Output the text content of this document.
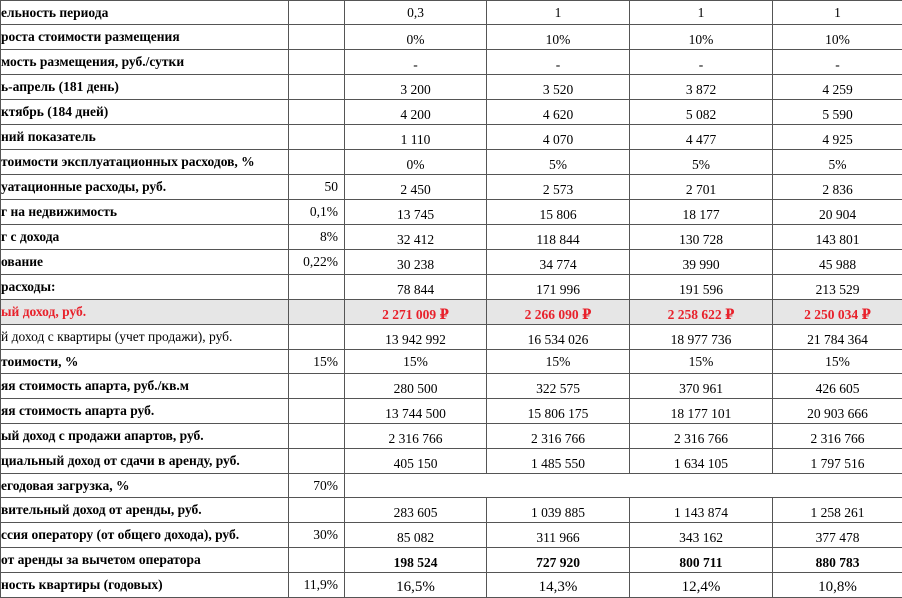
ельность периода		0,3	1	1	1
роста стоимости размещения		0%	10%	10%	10%
мость размещения, руб./сутки		-	-	-	-
ь-апрель (181 день)		3 200	3 520	3 872	4 259
ктябрь (184 дней)		4 200	4 620	5 082	5 590
ний показатель		1 110	4 070	4 477	4 925
тоимости эксплуатационных расходов, %		0%	5%	5%	5%
уатационные расходы, руб.	50	2 450	2 573	2 701	2 836
г на недвижимость	0,1%	13 745	15 806	18 177	20 904
г с дохода	8%	32 412	118 844	130 728	143 801
ование	0,22%	30 238	34 774	39 990	45 988
расходы:		78 844	171 996	191 596	213 529
ый доход, руб.		2 271 009 ₽	2 266 090 ₽	2 258 622 ₽	2 250 034 ₽
й доход с квартиры (учет продажи), руб.		13 942 992	16 534 026	18 977 736	21 784 364
тоимости, %	15%	15%	15%	15%	15%
яя стоимость апарта, руб./кв.м		280 500	322 575	370 961	426 605
яя стоимость апарта руб.		13 744 500	15 806 175	18 177 101	20 903 666
ый доход с продажи апартов, руб.		2 316 766	2 316 766	2 316 766	2 316 766
циальный доход от сдачи в аренду, руб.		405 150	1 485 550	1 634 105	1 797 516
егодовая загрузка, %	70%				
вительный доход от аренды, руб.		283 605	1 039 885	1 143 874	1 258 261
ссия оператору (от общего дохода), руб.	30%	85 082	311 966	343 162	377 478
от аренды за вычетом оператора		198 524	727 920	800 711	880 783
ность квартиры (годовых)	11,9%	16,5%	14,3%	12,4%	10,8%
